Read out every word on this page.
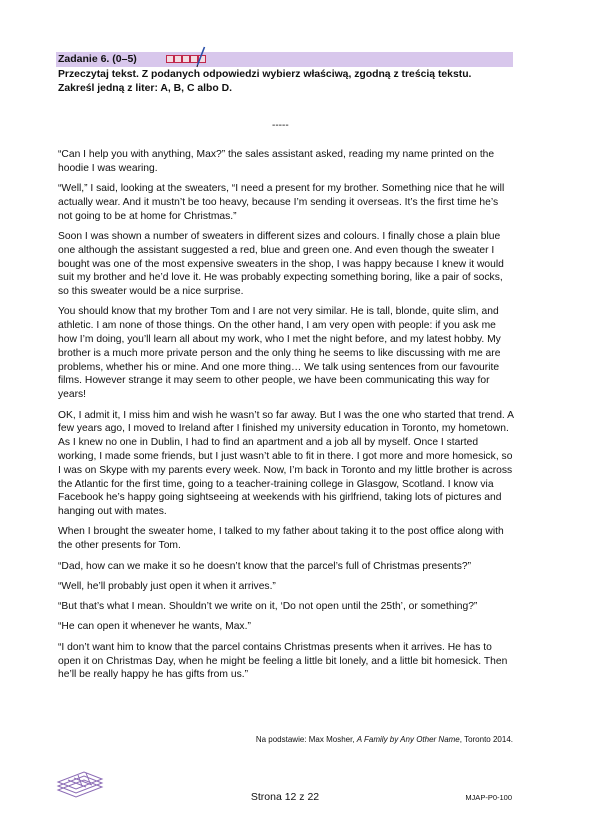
Zadanie 6. (0–5)
Przeczytaj tekst. Z podanych odpowiedzi wybierz właściwą, zgodną z treścią tekstu.
Zakreśl jedną z liter: A, B, C albo D.
-----

“Can I help you with anything, Max?” the sales assistant asked, reading my name printed on the hoodie I was wearing.

“Well,” I said, looking at the sweaters, “I need a present for my brother. Something nice that he will actually wear. And it mustn’t be too heavy, because I’m sending it overseas. It’s the first time he’s not going to be at home for Christmas.”

Soon I was shown a number of sweaters in different sizes and colours. I finally chose a plain blue one although the assistant suggested a red, blue and green one. And even though the sweater I bought was one of the most expensive sweaters in the shop, I was happy because I knew it would suit my brother and he’d love it. He was probably expecting something boring, like a pair of socks, so this sweater would be a nice surprise.

You should know that my brother Tom and I are not very similar. He is tall, blonde, quite slim, and athletic. I am none of those things. On the other hand, I am very open with people: if you ask me how I’m doing, you’ll learn all about my work, who I met the night before, and my latest hobby. My brother is a much more private person and the only thing he seems to like discussing with me are problems, whether his or mine. And one more thing… We talk using sentences from our favourite films. However strange it may seem to other people, we have been communicating this way for years!

OK, I admit it, I miss him and wish he wasn’t so far away. But I was the one who started that trend. A few years ago, I moved to Ireland after I finished my university education in Toronto, my hometown. As I knew no one in Dublin, I had to find an apartment and a job all by myself. Once I started working, I made some friends, but I just wasn’t able to fit in there. I got more and more homesick, so I was on Skype with my parents every week. Now, I’m back in Toronto and my little brother is across the Atlantic for the first time, going to a teacher-training college in Glasgow, Scotland. I know via Facebook he’s happy going sightseeing at weekends with his girlfriend, taking lots of pictures and hanging out with mates.

When I brought the sweater home, I talked to my father about taking it to the post office along with the other presents for Tom.

“Dad, how can we make it so he doesn’t know that the parcel’s full of Christmas presents?”

“Well, he’ll probably just open it when it arrives.”

“But that’s what I mean. Shouldn’t we write on it, ‘Do not open until the 25th’, or something?”

“He can open it whenever he wants, Max.”

“I don’t want him to know that the parcel contains Christmas presents when it arrives. He has to open it on Christmas Day, when he might be feeling a little bit lonely, and a little bit homesick. Then he’ll be really happy he has gifts from us.”

Na podstawie: Max Mosher, A Family by Any Other Name, Toronto 2014.
Strona 12 z 22	MJAP-P0-100
